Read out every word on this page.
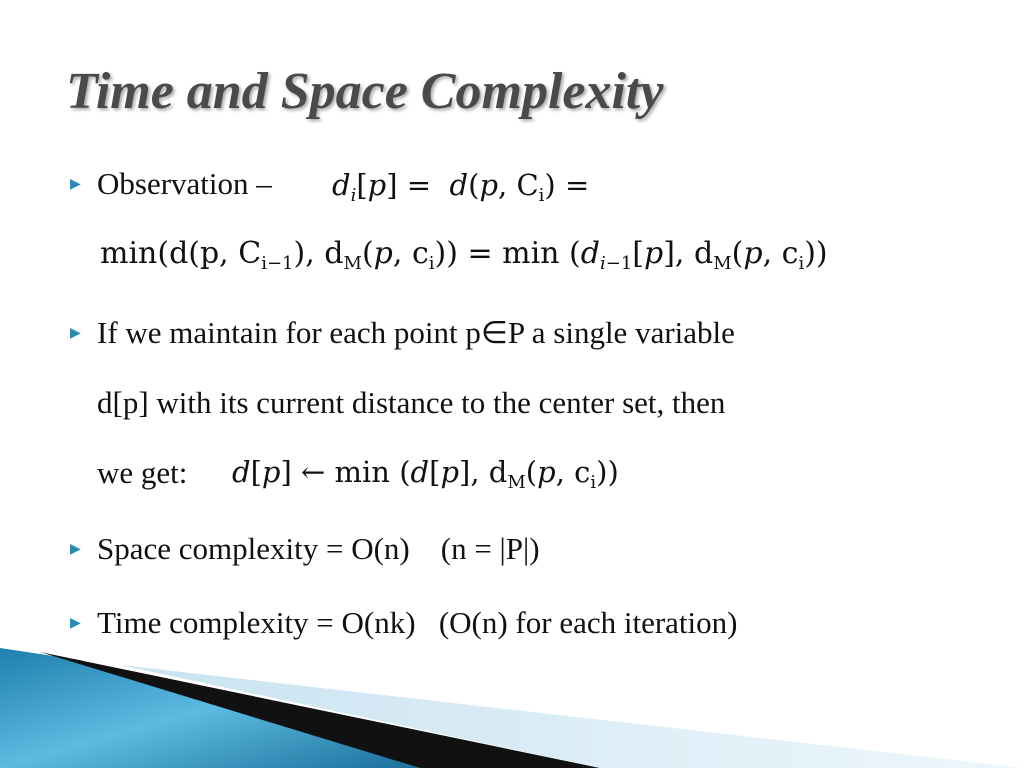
Time and Space Complexity
▶ Observation – $d_i[p] = d(p$, $C_i$) =
min(d(p, $C_{i-1}$), $d_M(p$, $c_i)) = \min (d_{i-1}[p]$, $d_M(p$, $c_i$))
▶ If we maintain for each point p∈P a single variable
d[p] with its current distance to the center set, then
we get: d[p] ← min (d[p], $d_M(p$, $c_i$))
▶ Space complexity = O(n)    (n = |P|)
▶ Time complexity = O(nk)   (O(n) for each iteration)
